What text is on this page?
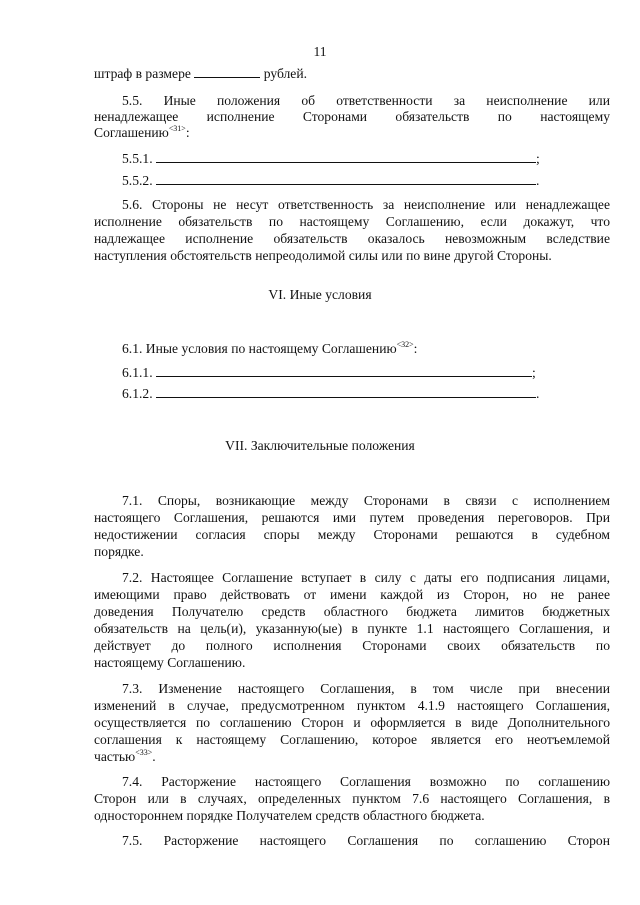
11
штраф в размере	рублей.
5.5. Иные положения об ответственности за неисполнение или
ненадлежащее исполнение Сторонами обязательств по настоящему
Соглашению$^{<31>}$:
5.5.1.	;
5.5.2.	.
5.6. Стороны не несут ответственность за неисполнение или ненадлежащее
исполнение обязательств по настоящему Соглашению, если докажут, что
надлежащее исполнение обязательств оказалось невозможным вследствие
наступления обстоятельств непреодолимой силы или по вине другой Стороны.
VI. Иные условия
6.1. Иные условия по настоящему Соглашению$^{<32>}$:
6.1.1.	;
6.1.2.	.
VII. Заключительные положения
7.1. Споры, возникающие между Сторонами в связи с исполнением
настоящего Соглашения, решаются ими путем проведения переговоров. При
недостижении согласия споры между Сторонами решаются в судебном
порядке.
7.2. Настоящее Соглашение вступает в силу с даты его подписания лицами,
имеющими право действовать от имени каждой из Сторон, но не ранее
доведения Получателю средств областного бюджета лимитов бюджетных
обязательств на цель(и), указанную(ые) в пункте 1.1 настоящего Соглашения, и
действует до полного исполнения Сторонами своих обязательств по
настоящему Соглашению.
7.3. Изменение настоящего Соглашения, в том числе при внесении
изменений в случае, предусмотренном пунктом 4.1.9 настоящего Соглашения,
осуществляется по соглашению Сторон и оформляется в виде Дополнительного
соглашения к настоящему Соглашению, которое является его неотъемлемой
частью$^{<33>}$.
7.4. Расторжение настоящего Соглашения возможно по соглашению
Сторон или в случаях, определенных пунктом 7.6 настоящего Соглашения, в
одностороннем порядке Получателем средств областного бюджета.
7.5. Расторжение настоящего Соглашения по соглашению Сторон
